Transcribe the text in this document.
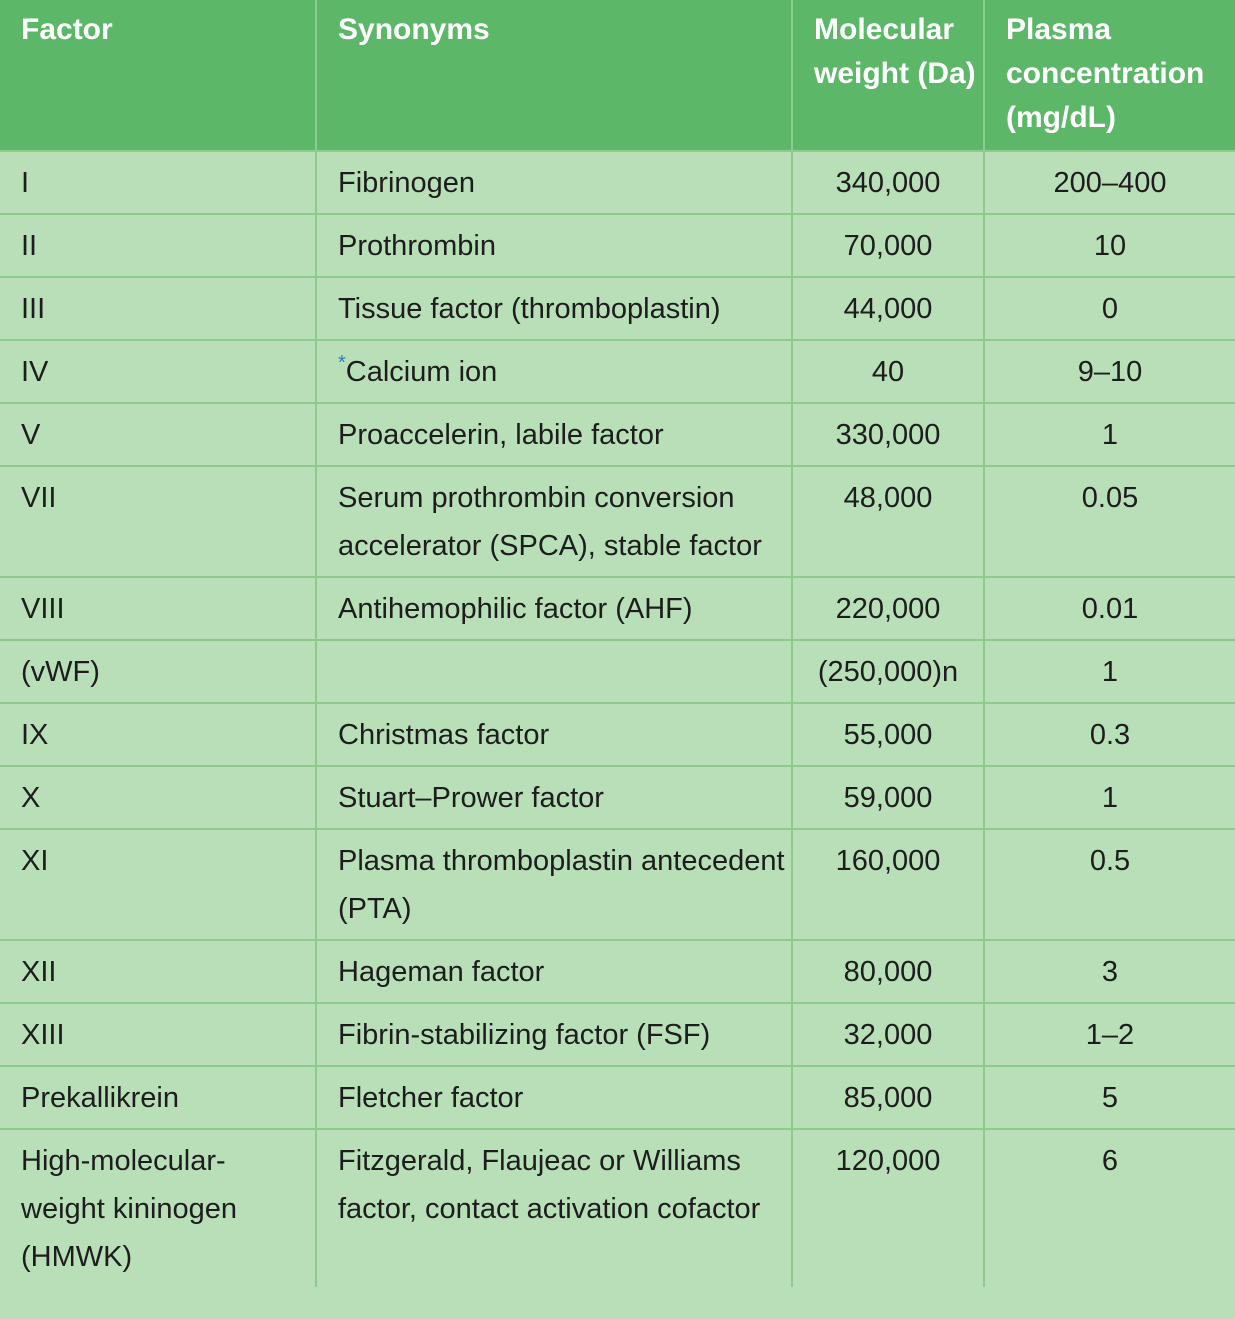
Factor	Synonyms	Molecular weight (Da)	Plasma concentration (mg/dL)
I	Fibrinogen	340,000	200–400
II	Prothrombin	70,000	10
III	Tissue factor (thromboplastin)	44,000	0
IV	*Calcium ion	40	9–10
V	Proaccelerin, labile factor	330,000	1
VII	Serum prothrombin conversion accelerator (SPCA), stable factor	48,000	0.05
VIII	Antihemophilic factor (AHF)	220,000	0.01
(vWF)		(250,000)n	1
IX	Christmas factor	55,000	0.3
X	Stuart–Prower factor	59,000	1
XI	Plasma thromboplastin antecedent (PTA)	160,000	0.5
XII	Hageman factor	80,000	3
XIII	Fibrin-stabilizing factor (FSF)	32,000	1–2
Prekallikrein	Fletcher factor	85,000	5
High-molecular-weight kininogen (HMWK)	Fitzgerald, Flaujeac or Williams factor, contact activation cofactor	120,000	6
